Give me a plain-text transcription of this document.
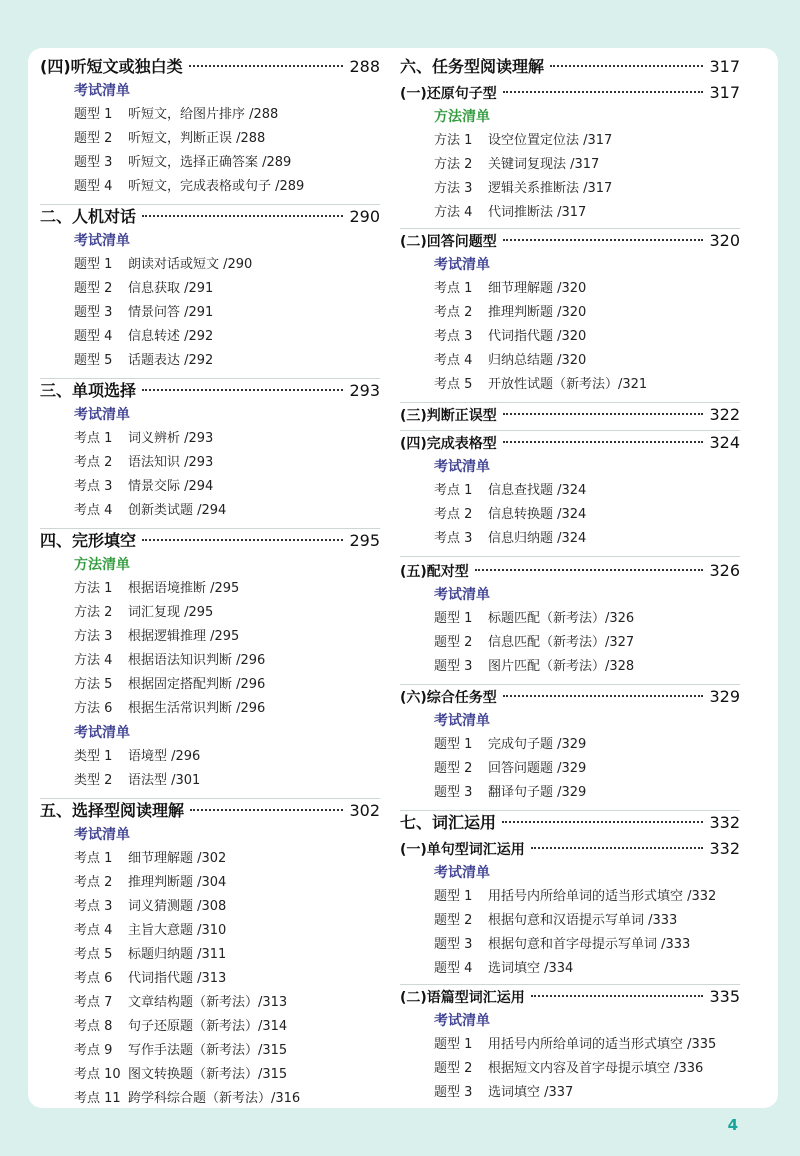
(四)听短文或独白类	288
考试清单
题型 1 听短文，给图片排序 /288
题型 2 听短文，判断正误 /288
题型 3 听短文，选择正确答案 /289
题型 4 听短文，完成表格或句子 /289
二、人机对话	290
考试清单
题型 1 朗读对话或短文 /290
题型 2 信息获取 /291
题型 3 情景问答 /291
题型 4 信息转述 /292
题型 5 话题表达 /292
三、单项选择	293
考试清单
考点 1 词义辨析 /293
考点 2 语法知识 /293
考点 3 情景交际 /294
考点 4 创新类试题 /294
四、完形填空	295
方法清单
方法 1 根据语境推断 /295
方法 2 词汇复现 /295
方法 3 根据逻辑推理 /295
方法 4 根据语法知识判断 /296
方法 5 根据固定搭配判断 /296
方法 6 根据生活常识判断 /296
考试清单
类型 1 语境型 /296
类型 2 语法型 /301
五、选择型阅读理解	302
考试清单
考点 1 细节理解题 /302
考点 2 推理判断题 /304
考点 3 词义猜测题 /308
考点 4 主旨大意题 /310
考点 5 标题归纳题 /311
考点 6 代词指代题 /313
考点 7 文章结构题（新考法）/313
考点 8 句子还原题（新考法）/314
考点 9 写作手法题（新考法）/315
考点 10 图文转换题（新考法）/315
考点 11 跨学科综合题（新考法）/316
六、任务型阅读理解	317
(一)还原句子型	317
方法清单
方法 1 设空位置定位法 /317
方法 2 关键词复现法 /317
方法 3 逻辑关系推断法 /317
方法 4 代词推断法 /317
(二)回答问题型	320
考试清单
考点 1 细节理解题 /320
考点 2 推理判断题 /320
考点 3 代词指代题 /320
考点 4 归纳总结题 /320
考点 5 开放性试题（新考法）/321
(三)判断正误型	322
(四)完成表格型	324
考试清单
考点 1 信息查找题 /324
考点 2 信息转换题 /324
考点 3 信息归纳题 /324
(五)配对型	326
考试清单
题型 1 标题匹配（新考法）/326
题型 2 信息匹配（新考法）/327
题型 3 图片匹配（新考法）/328
(六)综合任务型	329
考试清单
题型 1 完成句子题 /329
题型 2 回答问题题 /329
题型 3 翻译句子题 /329
七、词汇运用	332
(一)单句型词汇运用	332
考试清单
题型 1 用括号内所给单词的适当形式填空 /332
题型 2 根据句意和汉语提示写单词 /333
题型 3 根据句意和首字母提示写单词 /333
题型 4 选词填空 /334
(二)语篇型词汇运用	335
考试清单
题型 1 用括号内所给单词的适当形式填空 /335
题型 2 根据短文内容及首字母提示填空 /336
题型 3 选词填空 /337
4
